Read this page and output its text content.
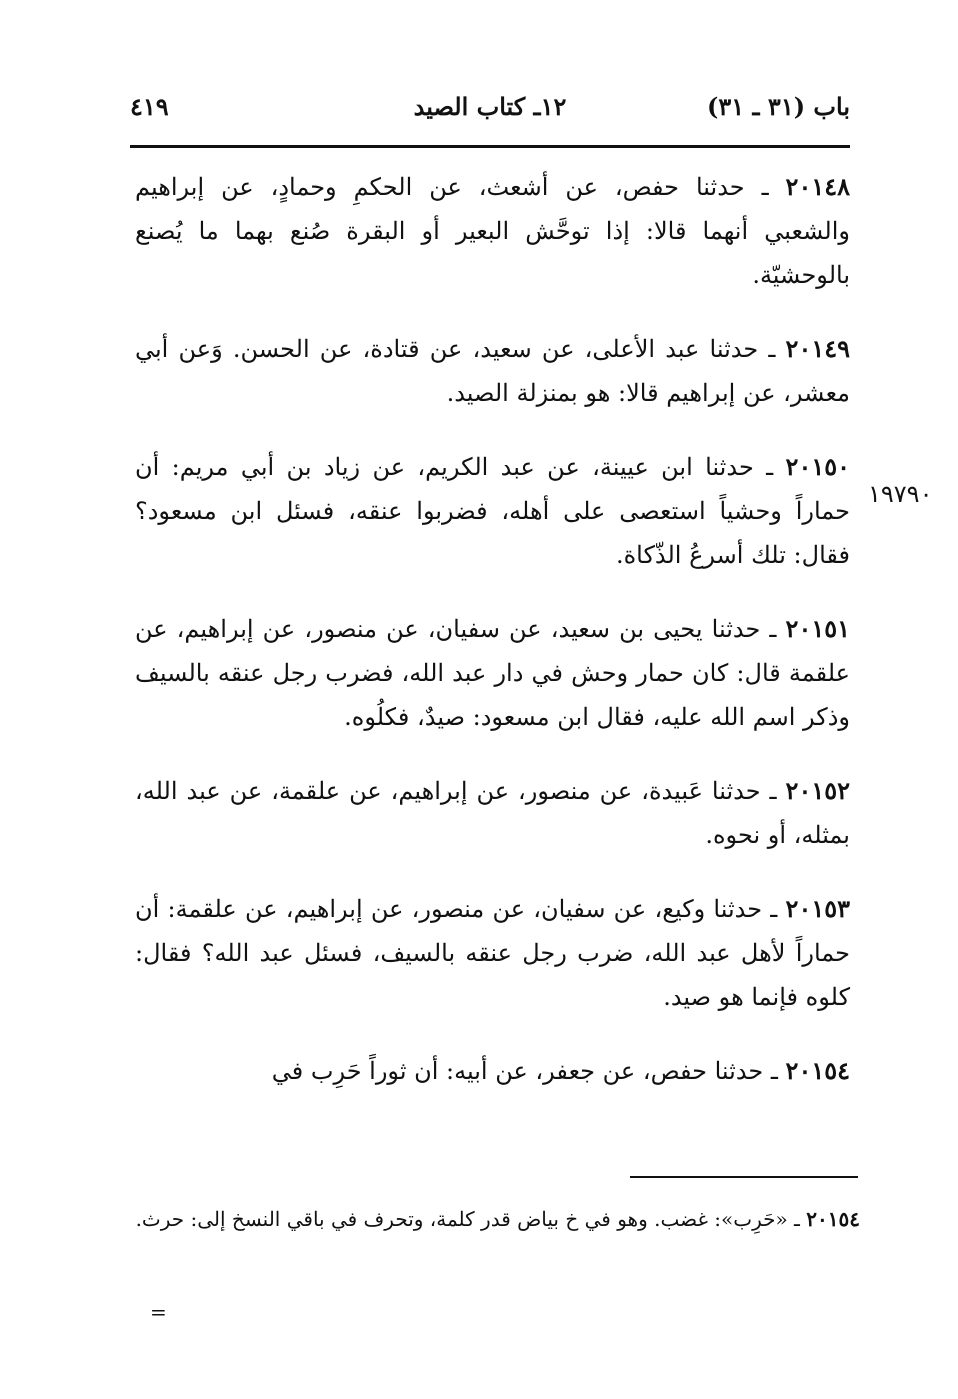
٤١٩	١٢ـ كتاب الصيد	باب (٣١ ـ ٣١)
١٩٧٩٠

٢٠١٤٨ ـ حدثنا حفص، عن أشعث، عن الحكمِ وحمادٍ، عن إبراهيم والشعبي أنهما قالا: إذا توحَّش البعير أو البقرة صُنع بهما ما يُصنع بالوحشيّة.

٢٠١٤٩ ـ حدثنا عبد الأعلى، عن سعيد، عن قتادة، عن الحسن. وَعن أبي معشر، عن إبراهيم قالا: هو بمنزلة الصيد.

٢٠١٥٠ ـ حدثنا ابن عيينة، عن عبد الكريم، عن زياد بن أبي مريم: أن حماراً وحشياً استعصى على أهله، فضربوا عنقه، فسئل ابن مسعود؟ فقال: تلك أسرعُ الذّكاة.

٢٠١٥١ ـ حدثنا يحيى بن سعيد، عن سفيان، عن منصور، عن إبراهيم، عن علقمة قال: كان حمار وحش في دار عبد الله، فضرب رجل عنقه بالسيف وذكر اسم الله عليه، فقال ابن مسعود: صيدٌ، فكلُوه.

٢٠١٥٢ ـ حدثنا عَبيدة، عن منصور، عن إبراهيم، عن علقمة، عن عبد الله، بمثله، أو نحوه.

٢٠١٥٣ ـ حدثنا وكيع، عن سفيان، عن منصور، عن إبراهيم، عن علقمة: أن حماراً لأهل عبد الله، ضرب رجل عنقه بالسيف، فسئل عبد الله؟ فقال: كلوه فإنما هو صيد.

٢٠١٥٤ ـ حدثنا حفص، عن جعفر، عن أبيه: أن ثوراً حَرِب في

٢٠١٥٤ ـ «حَرِب»: غضب. وهو في خ بياض قدر كلمة، وتحرف في باقي النسخ إلى: حرث.
=
